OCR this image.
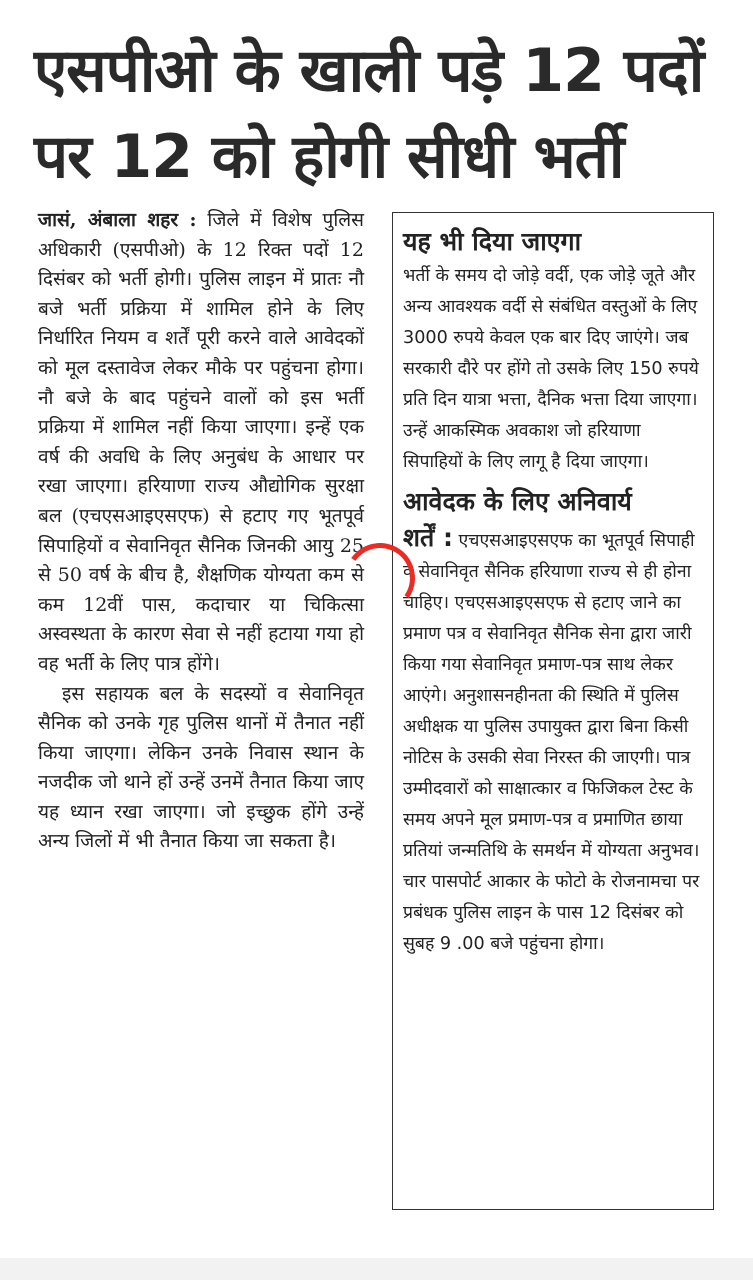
एसपीओ के खाली पड़े 12 पदों
पर 12 को होगी सीधी भर्ती

जासं, अंबाला शहर : जिले में विशेष पुलिस अधिकारी (एसपीओ) के 12 रिक्त पदों 12 दिसंबर को भर्ती होगी। पुलिस लाइन में प्रातः नौ बजे भर्ती प्रक्रिया में शामिल होने के लिए निर्धारित नियम व शर्तें पूरी करने वाले आवेदकों को मूल दस्तावेज लेकर मौके पर पहुंचना होगा। नौ बजे के बाद पहुंचने वालों को इस भर्ती प्रक्रिया में शामिल नहीं किया जाएगा। इन्हें एक वर्ष की अवधि के लिए अनुबंध के आधार पर रखा जाएगा। हरियाणा राज्य औद्योगिक सुरक्षा बल (एचएसआइएसएफ) से हटाए गए भूतपूर्व सिपाहियों व सेवानिवृत सैनिक जिनकी आयु 25 से 50 वर्ष के बीच है, शैक्षणिक योग्यता कम से कम 12वीं पास, कदाचार या चिकित्सा अस्वस्थता के कारण सेवा से नहीं हटाया गया हो वह भर्ती के लिए पात्र होंगे।

इस सहायक बल के सदस्यों व सेवानिवृत सैनिक को उनके गृह पुलिस थानों में तैनात नहीं किया जाएगा। लेकिन उनके निवास स्थान के नजदीक जो थाने हों उन्हें उनमें तैनात किया जाए यह ध्यान रखा जाएगा। जो इच्छुक होंगे उन्हें अन्य जिलों में भी तैनात किया जा सकता है।

यह भी दिया जाएगा

भर्ती के समय दो जोड़े वर्दी, एक जोड़े जूते और अन्य आवश्यक वर्दी से संबंधित वस्तुओं के लिए 3000 रुपये केवल एक बार दिए जाएंगे। जब सरकारी दौरे पर होंगे तो उसके लिए 150 रुपये प्रति दिन यात्रा भत्ता, दैनिक भत्ता दिया जाएगा। उन्हें आकस्मिक अवकाश जो हरियाणा सिपाहियों के लिए लागू है दिया जाएगा।

आवेदक के लिए अनिवार्य

शर्तें : एचएसआइएसएफ का भूतपूर्व सिपाही व सेवानिवृत सैनिक हरियाणा राज्य से ही होना चाहिए। एचएसआइएसएफ से हटाए जाने का प्रमाण पत्र व सेवानिवृत सैनिक सेना द्वारा जारी किया गया सेवानिवृत प्रमाण-पत्र साथ लेकर आएंगे। अनुशासनहीनता की स्थिति में पुलिस अधीक्षक या पुलिस उपायुक्त द्वारा बिना किसी नोटिस के उसकी सेवा निरस्त की जाएगी। पात्र उम्मीदवारों को साक्षात्कार व फिजिकल टेस्ट के समय अपने मूल प्रमाण-पत्र व प्रमाणित छाया प्रतियां जन्मतिथि के समर्थन में योग्यता अनुभव। चार पासपोर्ट आकार के फोटो के रोजनामचा पर प्रबंधक पुलिस लाइन के पास 12 दिसंबर को सुबह 9 .00 बजे पहुंचना होगा।
